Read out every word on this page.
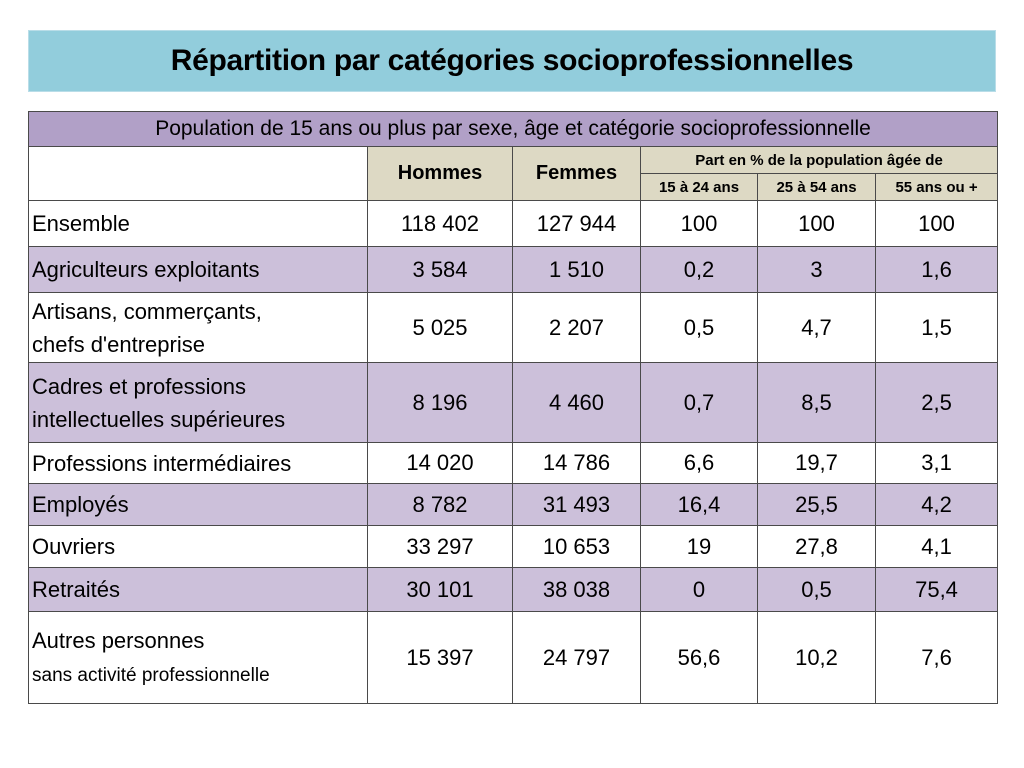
Répartition par catégories socioprofessionnelles
Population de 15 ans ou plus par sexe, âge et catégorie socioprofessionnelle					
	Hommes	Femmes	Part en % de la population âgée de		
			15 à 24 ans	25 à 54 ans	55 ans ou +
Ensemble	118 402	127 944	100	100	100
Agriculteurs exploitants	3 584	1 510	0,2	3	1,6
Artisans, commerçants,
chefs d'entreprise	5 025	2 207	0,5	4,7	1,5
Cadres et professions
intellectuelles supérieures	8 196	4 460	0,7	8,5	2,5
Professions intermédiaires	14 020	14 786	6,6	19,7	3,1
Employés	8 782	31 493	16,4	25,5	4,2
Ouvriers	33 297	10 653	19	27,8	4,1
Retraités	30 101	38 038	0	0,5	75,4
Autres personnes
sans activité professionnelle	15 397	24 797	56,6	10,2	7,6
